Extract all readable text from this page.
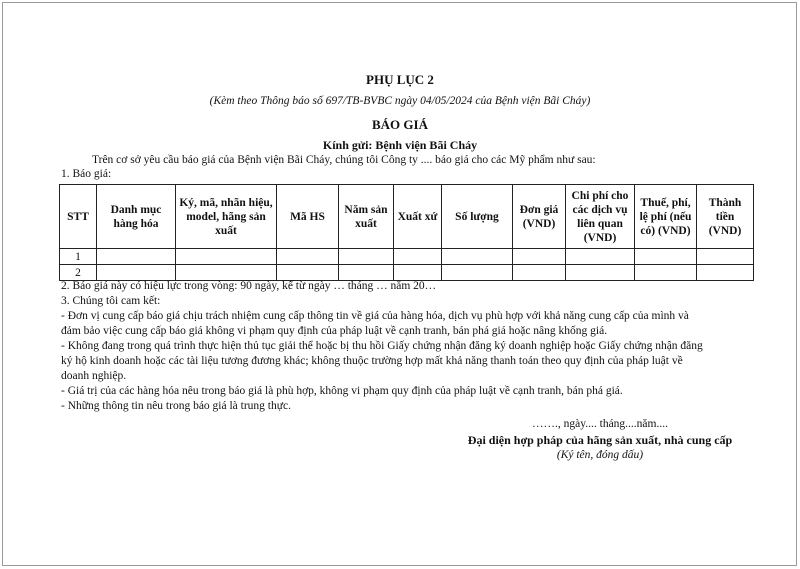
PHỤ LỤC 2
(Kèm theo Thông báo số 697/TB-BVBC ngày 04/05/2024 của Bệnh viện Bãi Cháy)
BÁO GIÁ
Kính gửi: Bệnh viện Bãi Cháy
Trên cơ sở yêu cầu báo giá của Bệnh viện Bãi Cháy, chúng tôi Công ty .... báo giá cho các Mỹ phẩm như sau:
1. Báo giá:
STT	Danh mục hàng hóa	Ký, mã, nhãn hiệu, model, hãng sản xuất	Mã HS	Năm sản xuất	Xuất xứ	Số lượng	Đơn giá (VND)	Chi phí cho các dịch vụ liên quan (VND)	Thuế, phí, lệ phí (nếu có) (VND)	Thành tiền (VND)
1										
2										
2. Báo giá này có hiệu lực trong vòng: 90 ngày, kể từ ngày … tháng … năm 20…
3. Chúng tôi cam kết:
- Đơn vị cung cấp báo giá chịu trách nhiệm cung cấp thông tin về giá của hàng hóa, dịch vụ phù hợp với khả năng cung cấp của mình và
đảm bảo việc cung cấp báo giá không vi phạm quy định của pháp luật về cạnh tranh, bán phá giá hoặc nâng khống giá.
- Không đang trong quá trình thực hiện thủ tục giải thể hoặc bị thu hồi Giấy chứng nhận đăng ký doanh nghiệp hoặc Giấy chứng nhận đăng
ký hộ kinh doanh hoặc các tài liệu tương đương khác; không thuộc trường hợp mất khả năng thanh toán theo quy định của pháp luật về
doanh nghiệp.
- Giá trị của các hàng hóa nêu trong báo giá là phù hợp, không vi phạm quy định của pháp luật về cạnh tranh, bán phá giá.
- Những thông tin nêu trong báo giá là trung thực.
……., ngày.... tháng....năm....
Đại diện hợp pháp của hãng sản xuất, nhà cung cấp
(Ký tên, đóng dấu)
